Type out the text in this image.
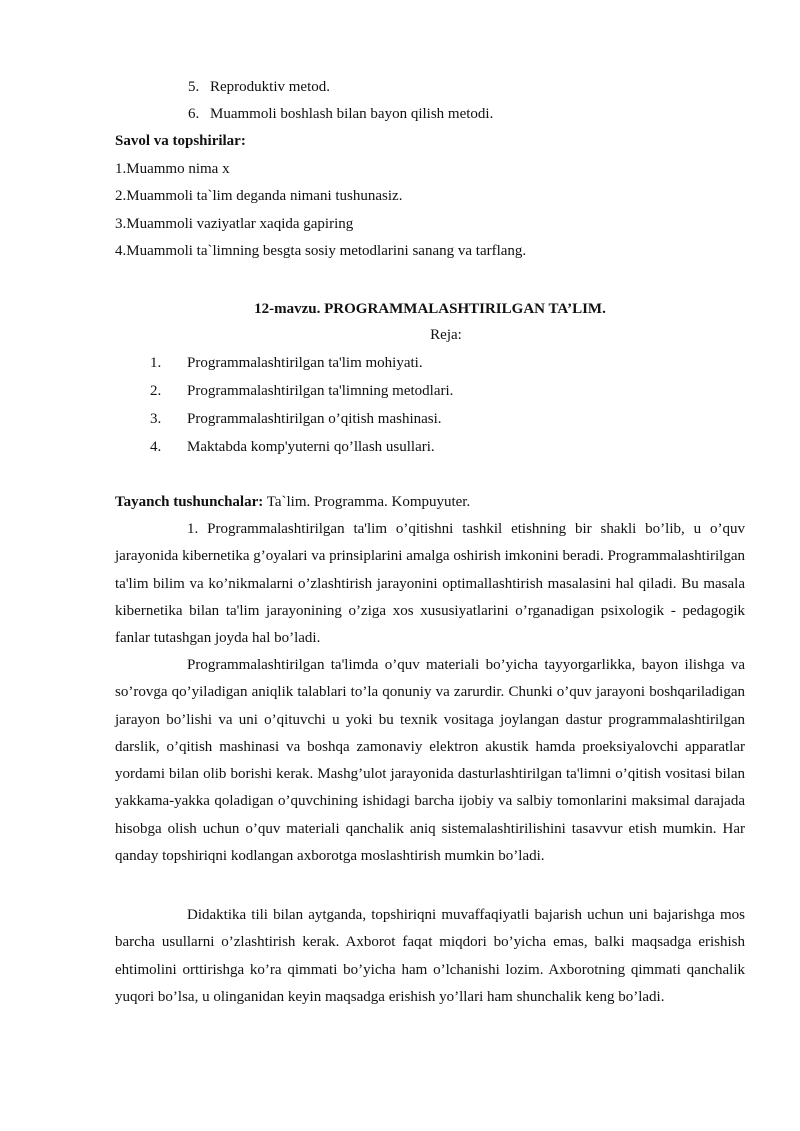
5. Reproduktiv metod.
6. Muammoli boshlash bilan bayon qilish metodi.
Savol va topshirilar:
1.Muammo nima x
2.Muammoli ta`lim deganda nimani tushunasiz.
3.Muammoli vaziyatlar xaqida gapiring
4.Muammoli ta`limning besgta sosiy metodlarini sanang va tarflang.
12-mavzu. PROGRAMMALASHTIRILGAN TA’LIM.
Reja:
1. Programmalashtirilgan ta'lim mohiyati.
2. Programmalashtirilgan ta'limning metodlari.
3. Programmalashtirilgan o’qitish mashinasi.
4. Maktabda komp'yuterni qo’llash usullari.
Tayanch tushunchalar: Ta`lim. Programma. Kompuyuter.

1. Programmalashtirilgan ta'lim o’qitishni tashkil etishning bir shakli bo’lib, u o’quv jarayonida kibernetika g’oyalari va prinsiplarini amalga oshirish imkonini beradi. Programmalashtirilgan ta'lim bilim va ko’nikmalarni o’zlashtirish jarayonini optimallashtirish masalasini hal qiladi. Bu masala kibernetika bilan ta'lim jarayonining o’ziga xos xususiyatlarini o’rganadigan psixologik - pedagogik fanlar tutashgan joyda hal bo’ladi.

Programmalashtirilgan ta'limda o’quv materiali bo’yicha tayyorgarlikka, bayon ilishga va so’rovga qo’yiladigan aniqlik talablari to’la qonuniy va zarurdir. Chunki o’quv jarayoni boshqariladigan jarayon bo’lishi va uni o’qituvchi u yoki bu texnik vositaga joylangan dastur programmalashtirilgan darslik, o’qitish mashinasi va boshqa zamonaviy elektron akustik hamda proeksiyalovchi apparatlar yordami bilan olib borishi kerak. Mashg’ulot jarayonida dasturlashtirilgan ta'limni o’qitish vositasi bilan yakkama-yakka qoladigan o’quvchining ishidagi barcha ijobiy va salbiy tomonlarini maksimal darajada hisobga olish uchun o’quv materiali qanchalik aniq sistemalashtirilishini tasavvur etish mumkin. Har qanday topshiriqni kodlangan axborotga moslashtirish mumkin bo’ladi.

Didaktika tili bilan aytganda, topshiriqni muvaffaqiyatli bajarish uchun uni bajarishga mos barcha usullarni o’zlashtirish kerak. Axborot faqat miqdori bo’yicha emas, balki maqsadga erishish ehtimolini orttirishga ko’ra qimmati bo’yicha ham o’lchanishi lozim. Axborotning qimmati qanchalik yuqori bo’lsa, u olinganidan keyin maqsadga erishish yo’llari ham shunchalik keng bo’ladi.
